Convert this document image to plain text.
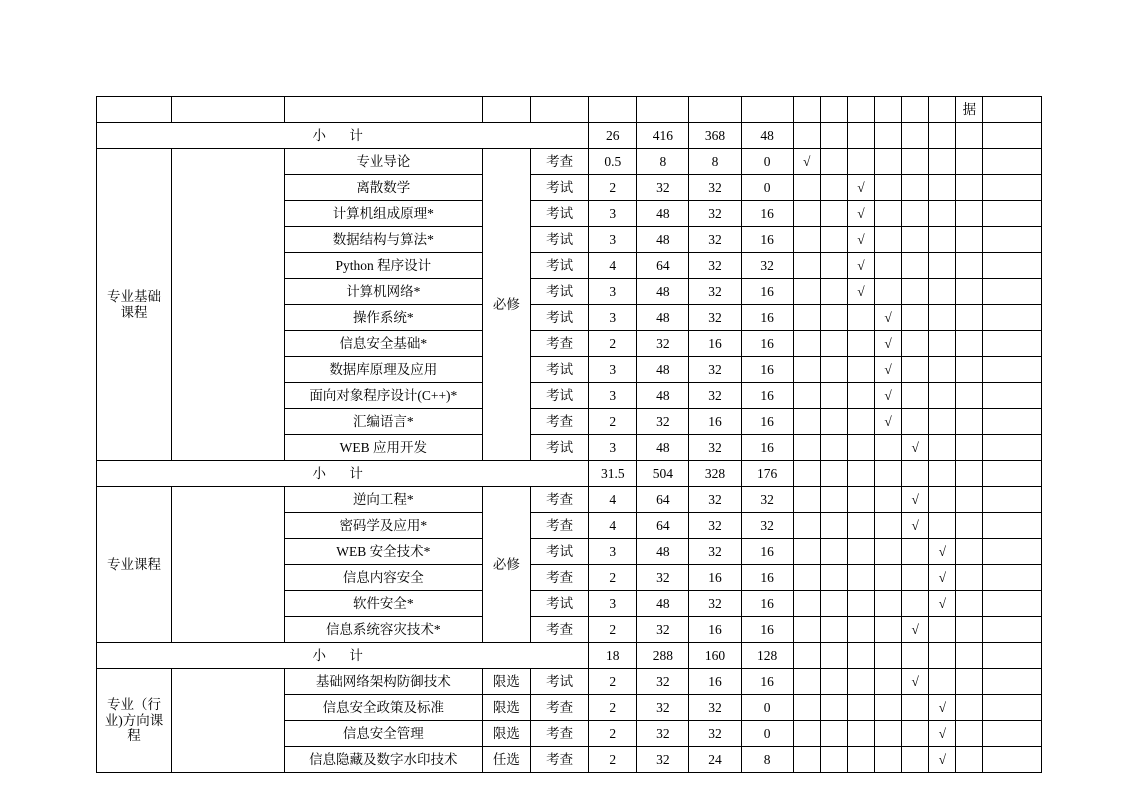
															据	
小 计					26	416	368	48								

专业基础
课程		专业导论	必修	考查	0.5	8	8	0	√							
		离散数学		考试	2	32	32	0			√					
		计算机组成原理*		考试	3	48	32	16			√					
		数据结构与算法*		考试	3	48	32	16			√					
		Python 程序设计		考试	4	64	32	32			√					
		计算机网络*		考试	3	48	32	16			√					
		操作系统*		考试	3	48	32	16				√				
		信息安全基础*		考查	2	32	16	16				√				
		数据库原理及应用		考试	3	48	32	16				√				
		面向对象程序设计(C++)*		考试	3	48	32	16				√				
		汇编语言*		考查	2	32	16	16				√				
		WEB 应用开发		考试	3	48	32	16					√			
小 计					31.5	504	328	176								
专业课程		逆向工程*	必修	考查	4	64	32	32					√			
		密码学及应用*		考查	4	64	32	32					√			
		WEB 安全技术*		考试	3	48	32	16						√		
		信息内容安全		考查	2	32	16	16						√		
		软件安全*		考试	3	48	32	16						√		
		信息系统容灾技术*		考查	2	32	16	16					√			
小 计					18	288	160	128								

专业（行
业)方向课
程		基础网络架构防御技术	限选	考试	2	32	16	16					√			
		信息安全政策及标准	限选	考查	2	32	32	0						√		
		信息安全管理	限选	考查	2	32	32	0						√		
		信息隐藏及数字水印技术	任选	考查	2	32	24	8						√		
